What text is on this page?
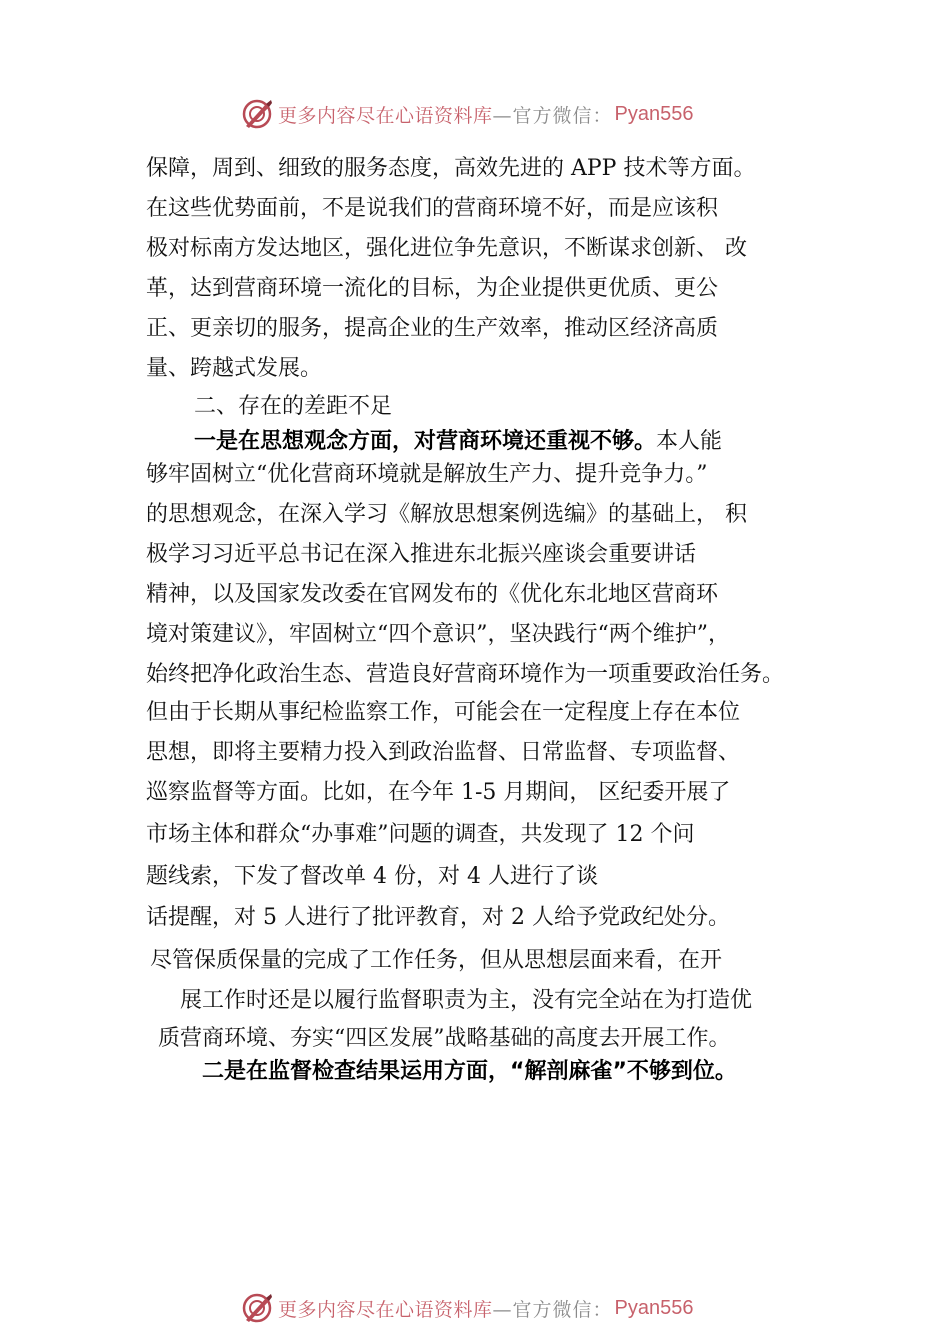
更多内容尽在心语资料库 —官方微信： Pyan556
保障，周到、细致的服务态度，高效先进的 APP 技术等方面。
在这些优势面前，不是说我们的营商环境不好，而是应该积
极对标南方发达地区，强化进位争先意识，不断谋求创新、 改
革，达到营商环境一流化的目标，为企业提供更优质、更公
正、更亲切的服务，提高企业的生产效率，推动区经济高质
量、跨越式发展。
二、存在的差距不足
一是在思想观念方面，对营商环境还重视不够。本人能
够牢固树立“优化营商环境就是解放生产力、提升竞争力。”
的思想观念，在深入学习《解放思想案例选编》的基础上， 积
极学习习近平总书记在深入推进东北振兴座谈会重要讲话
精神，以及国家发改委在官网发布的《优化东北地区营商环
境对策建议》，牢固树立“四个意识”，坚决践行“两个维护”，
始终把净化政治生态、营造良好营商环境作为一项重要政治任务。
但由于长期从事纪检监察工作，可能会在一定程度上存在本位
思想，即将主要精力投入到政治监督、日常监督、专项监督、
巡察监督等方面。比如，在今年 1-5 月期间， 区纪委开展了
市场主体和群众“办事难”问题的调查，共发现了 12 个问
题线索，下发了督改单 4 份，对 4 人进行了谈
话提醒，对 5 人进行了批评教育，对 2 人给予党政纪处分。
尽管保质保量的完成了工作任务，但从思想层面来看，在开
展工作时还是以履行监督职责为主，没有完全站在为打造优
质营商环境、夯实“四区发展”战略基础的高度去开展工作。
二是在监督检查结果运用方面，“解剖麻雀”不够到位。
更多内容尽在心语资料库 —官方微信： Pyan556
